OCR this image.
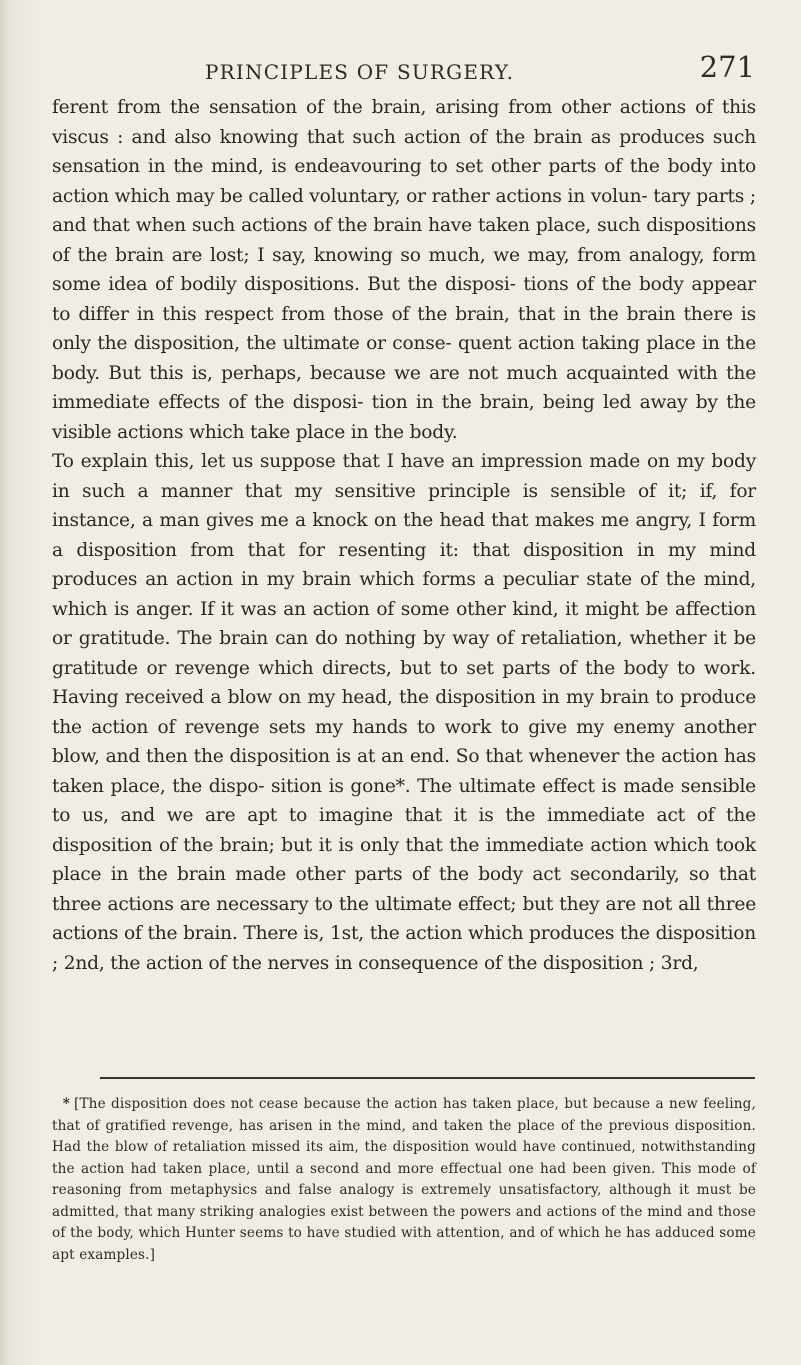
PRINCIPLES OF SURGERY.	271

ferent from the sensation of the brain, arising from other actions of this viscus : and also knowing that such action of the brain as produces such sensation in the mind, is endeavouring to set other parts of the body into action which may be called voluntary, or rather actions in volun- tary parts ; and that when such actions of the brain have taken place, such dispositions of the brain are lost; I say, knowing so much, we may, from analogy, form some idea of bodily dispositions. But the disposi- tions of the body appear to differ in this respect from those of the brain, that in the brain there is only the disposition, the ultimate or conse- quent action taking place in the body. But this is, perhaps, because we are not much acquainted with the immediate effects of the disposi- tion in the brain, being led away by the visible actions which take place in the body.

To explain this, let us suppose that I have an impression made on my body in such a manner that my sensitive principle is sensible of it; if, for instance, a man gives me a knock on the head that makes me angry, I form a disposition from that for resenting it: that disposition in my mind produces an action in my brain which forms a peculiar state of the mind, which is anger. If it was an action of some other kind, it might be affection or gratitude. The brain can do nothing by way of retaliation, whether it be gratitude or revenge which directs, but to set parts of the body to work. Having received a blow on my head, the disposition in my brain to produce the action of revenge sets my hands to work to give my enemy another blow, and then the disposition is at an end. So that whenever the action has taken place, the dispo- sition is gone*. The ultimate effect is made sensible to us, and we are apt to imagine that it is the immediate act of the disposition of the brain; but it is only that the immediate action which took place in the brain made other parts of the body act secondarily, so that three actions are necessary to the ultimate effect; but they are not all three actions of the brain. There is, 1st, the action which produces the disposition ; 2nd, the action of the nerves in consequence of the disposition ; 3rd,

* [The disposition does not cease because the action has taken place, but because a new feeling, that of gratified revenge, has arisen in the mind, and taken the place of the previous disposition. Had the blow of retaliation missed its aim, the disposition would have continued, notwithstanding the action had taken place, until a second and more effectual one had been given. This mode of reasoning from metaphysics and false analogy is extremely unsatisfactory, although it must be admitted, that many striking analogies exist between the powers and actions of the mind and those of the body, which Hunter seems to have studied with attention, and of which he has adduced some apt examples.]
